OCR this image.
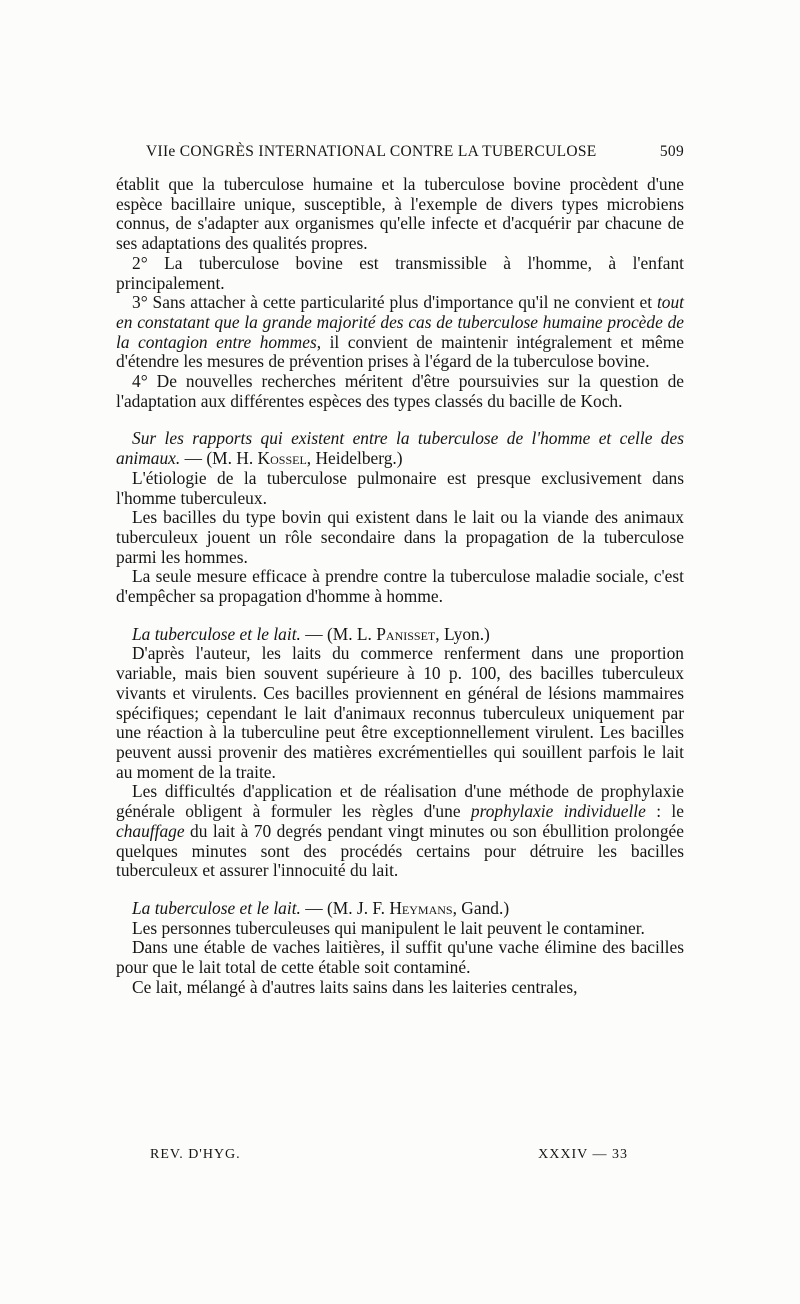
VIIe CONGRÈS INTERNATIONAL CONTRE LA TUBERCULOSE	509

établit que la tuberculose humaine et la tuberculose bovine procèdent d'une espèce bacillaire unique, susceptible, à l'exemple de divers types microbiens connus, de s'adapter aux organismes qu'elle infecte et d'acquérir par chacune de ses adaptations des qualités propres.

2° La tuberculose bovine est transmissible à l'homme, à l'enfant principalement.

3° Sans attacher à cette particularité plus d'importance qu'il ne convient et tout en constatant que la grande majorité des cas de tuberculose humaine procède de la contagion entre hommes, il convient de maintenir intégralement et même d'étendre les mesures de prévention prises à l'égard de la tuberculose bovine.

4° De nouvelles recherches méritent d'être poursuivies sur la question de l'adaptation aux différentes espèces des types classés du bacille de Koch.

Sur les rapports qui existent entre la tuberculose de l'homme et celle des animaux. — (M. H. Kossel, Heidelberg.)

L'étiologie de la tuberculose pulmonaire est presque exclusivement dans l'homme tuberculeux.

Les bacilles du type bovin qui existent dans le lait ou la viande des animaux tuberculeux jouent un rôle secondaire dans la propagation de la tuberculose parmi les hommes.

La seule mesure efficace à prendre contre la tuberculose maladie sociale, c'est d'empêcher sa propagation d'homme à homme.

La tuberculose et le lait. — (M. L. Panisset, Lyon.)

D'après l'auteur, les laits du commerce renferment dans une proportion variable, mais bien souvent supérieure à 10 p. 100, des bacilles tuberculeux vivants et virulents. Ces bacilles proviennent en général de lésions mammaires spécifiques; cependant le lait d'animaux reconnus tuberculeux uniquement par une réaction à la tuberculine peut être exceptionnellement virulent. Les bacilles peuvent aussi provenir des matières excrémentielles qui souillent parfois le lait au moment de la traite.

Les difficultés d'application et de réalisation d'une méthode de prophylaxie générale obligent à formuler les règles d'une prophylaxie individuelle : le chauffage du lait à 70 degrés pendant vingt minutes ou son ébullition prolongée quelques minutes sont des procédés certains pour détruire les bacilles tuberculeux et assurer l'innocuité du lait.

La tuberculose et le lait. — (M. J. F. Heymans, Gand.)

Les personnes tuberculeuses qui manipulent le lait peuvent le contaminer.

Dans une étable de vaches laitières, il suffit qu'une vache élimine des bacilles pour que le lait total de cette étable soit contaminé.

Ce lait, mélangé à d'autres laits sains dans les laiteries centrales,

REV. D'HYG.	XXXIV — 33
